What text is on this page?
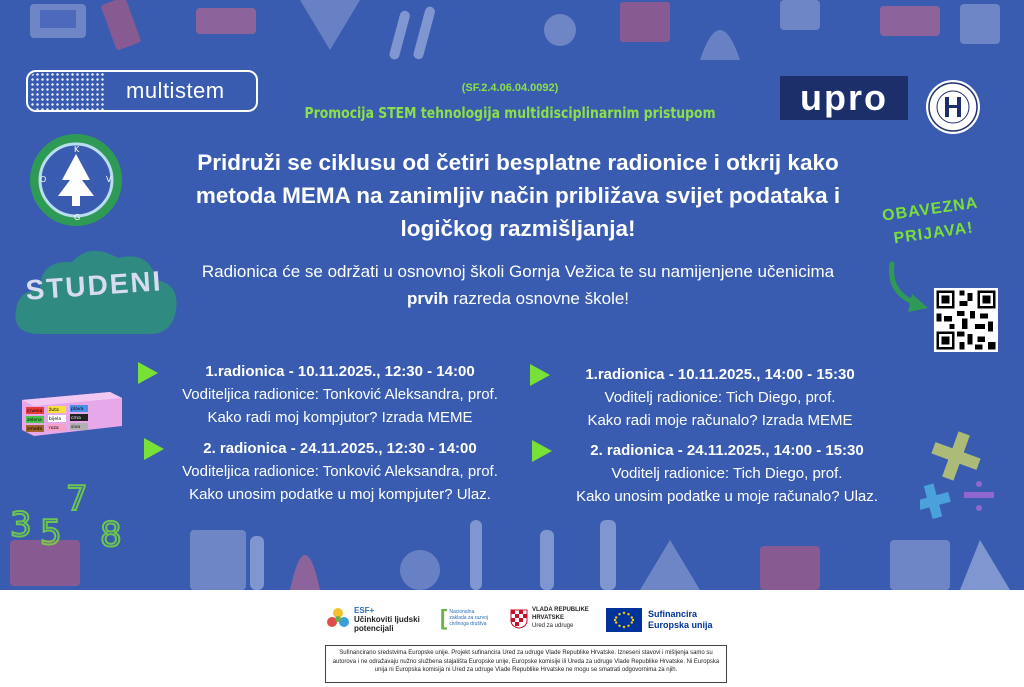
3 5
7
8
multistem	(SF.2.4.06.04.0092)
Promocija STEM tehnologija multidisciplinarnim pristupom	upro
K
O	V
G
Pridruži se ciklusu od četiri besplatne radionice i otkrij kako metoda MEMA na zanimljiv način približava svijet podataka i logičkog razmišljanja!
STUDENI
OBAVEZNA
PRIJAVA!
Radionica će se održati u osnovnoj školi Gornja Vežica te su namijenjene učenicima prvih razreda osnovne škole!
crvena žuta	plava
zelena bijela crna
smeđa roza	siva
1.radionica - 10.11.2025., 12:30 - 14:00
Voditeljica radionice: Tonković Aleksandra, prof.
Kako radi moj kompjutor? Izrada MEME
2. radionica - 24.11.2025., 12:30 - 14:00
Voditeljica radionice: Tonković Aleksandra, prof.
Kako unosim podatke u moj kompjuter? Ulaz.
1.radionica - 10.11.2025., 14:00 - 15:30
Voditelj radionice: Tich Diego, prof.
Kako radi moje računalo? Izrada MEME
2. radionica - 24.11.2025., 14:00 - 15:30
Voditelj radionice: Tich Diego, prof.
Kako unosim podatke u moje računalo? Ulaz.
ESF+
Učinkoviti ljudski potencijali	[ Nacionalna zaklada za razvoj civilnoga društva
VLADA REPUBLIKE HRVATSKE
Ured za udruge
Sufinancira
Europska unija
Sufinancirano sredstvima Europske unije. Projekt sufinancira Ured za udruge Vlade Republike Hrvatske. Izneseni stavovi i mišljenja samo su autorova i ne odražavaju nužno službena stajališta Europske unije, Europske komisije ili Ureda za udruge Vlade Republike Hrvatske. Ni Europska unija ni Europska komisija ni Ured za udruge Vlade Republike Hrvatske ne mogu se smatrati odgovornima za njih.
